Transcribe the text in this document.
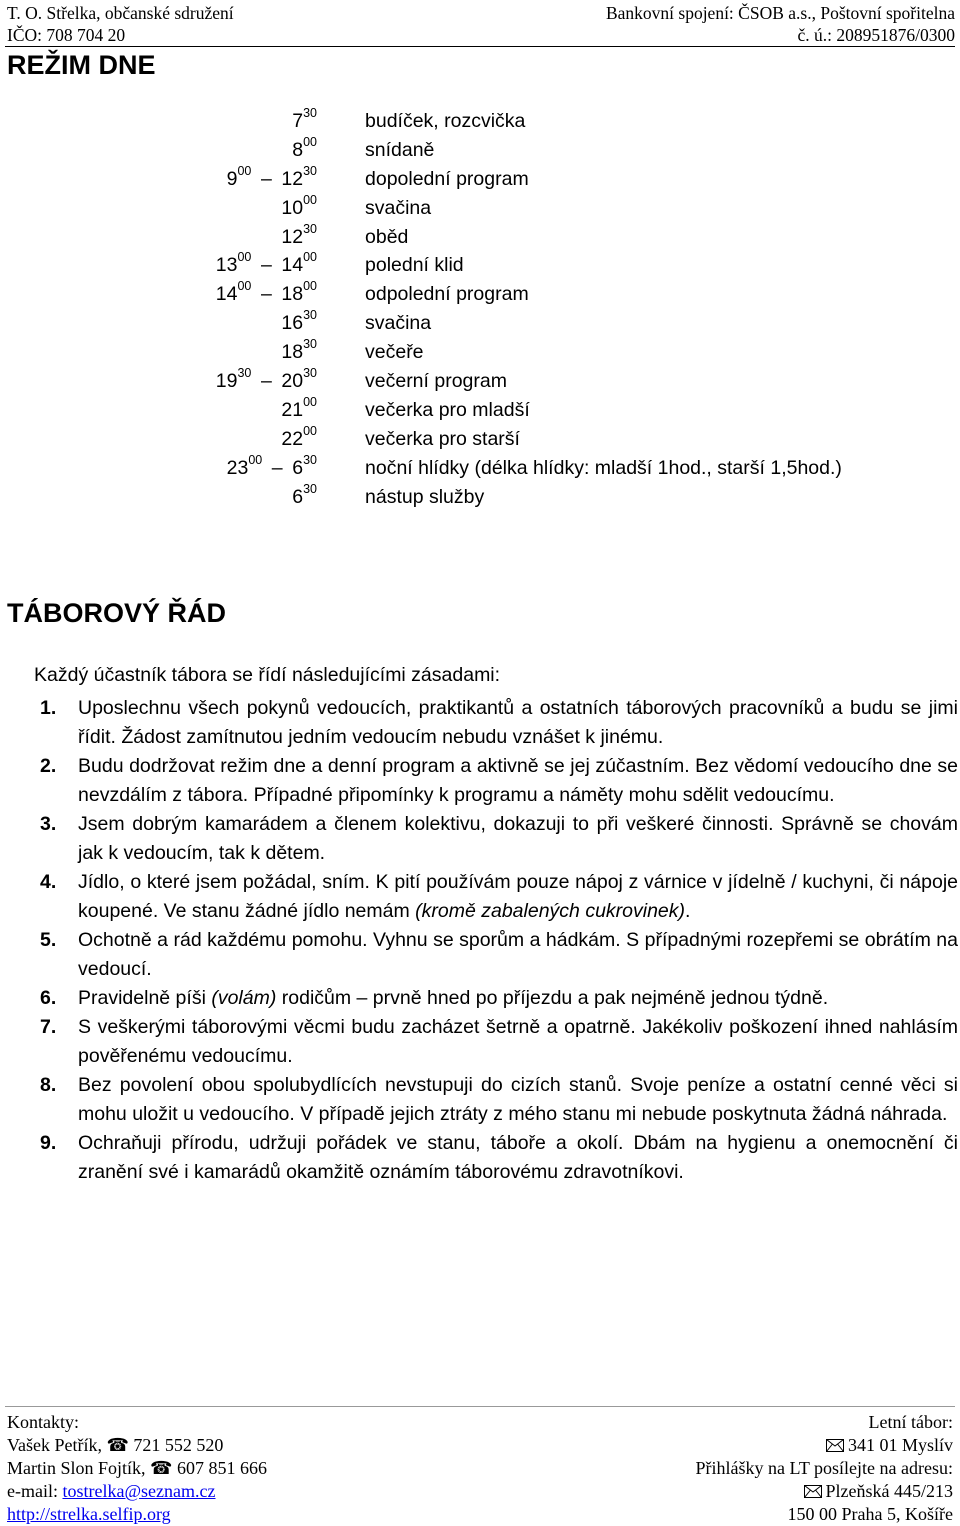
T. O. Střelka, občanské sdružení	Bankovní spojení: ČSOB a.s., Poštovní spořitelna
IČO: 708 704 20	č. ú.: 208951876/0300
REŽIM DNE
$7^{30}$ budíček, rozcvička
$8^{00}$ snídaně
$9^{00} - 12^{30}$ dopolední program
$10^{00}$ svačina
$12^{30}$ oběd
$13^{00} - 14^{00}$ polední klid
$14^{00} - 18^{00}$ odpolední program
$16^{30}$ svačina
$18^{30}$ večeře
$19^{30} - 20^{30}$ večerní program
$21^{00}$ večerka pro mladší
$22^{00}$ večerka pro starší
$23^{00} - 6^{30}$ noční hlídky (délka hlídky: mladší 1hod., starší 1,5hod.)
$6^{30}$ nástup služby
TÁBOROVÝ ŘÁD
Každý účastník tábora se řídí následujícími zásadami:
1. Uposlechnu všech pokynů vedoucích, praktikantů a ostatních táborových pracovníků a budu se jimi řídit. Žádost zamítnutou jedním vedoucím nebudu vznášet k jinému.
2. Budu dodržovat režim dne a denní program a aktivně se jej zúčastním. Bez vědomí vedoucího dne se nevzdálím z tábora. Případné připomínky k programu a náměty mohu sdělit vedoucímu.
3. Jsem dobrým kamarádem a členem kolektivu, dokazuji to při veškeré činnosti. Správně se chovám jak k vedoucím, tak k dětem.
4. Jídlo, o které jsem požádal, sním. K pití používám pouze nápoj z várnice v jídelně / kuchyni, či nápoje koupené. Ve stanu žádné jídlo nemám (kromě zabalených cukrovinek).
5. Ochotně a rád každému pomohu. Vyhnu se sporům a hádkám. S případnými rozepřemi se obrátím na vedoucí.
6. Pravidelně píši (volám) rodičům – prvně hned po příjezdu a pak nejméně jednou týdně.
7. S veškerými táborovými věcmi budu zacházet šetrně a opatrně. Jakékoliv poškození ihned nahlásím pověřenému vedoucímu.
8. Bez povolení obou spolubydlících nevstupuji do cizích stanů. Svoje peníze a ostatní cenné věci si mohu uložit u vedoucího. V případě jejich ztráty z mého stanu mi nebude poskytnuta žádná náhrada.
9. Ochraňuji přírodu, udržuji pořádek ve stanu, táboře a okolí. Dbám na hygienu a onemocnění či zranění své i kamarádů okamžitě oznámím táborovému zdravotníkovi.
Kontakty:	Letní tábor:
Vašek Petřík, ☎ 721 552 520	341 01 Myslív
Martin Slon Fojtík, ☎ 607 851 666	Přihlášky na LT posílejte na adresu:
e-mail: tostrelka@seznam.cz	Plzeňská 445/213
http://strelka.selfip.org	150 00 Praha 5, Košíře
